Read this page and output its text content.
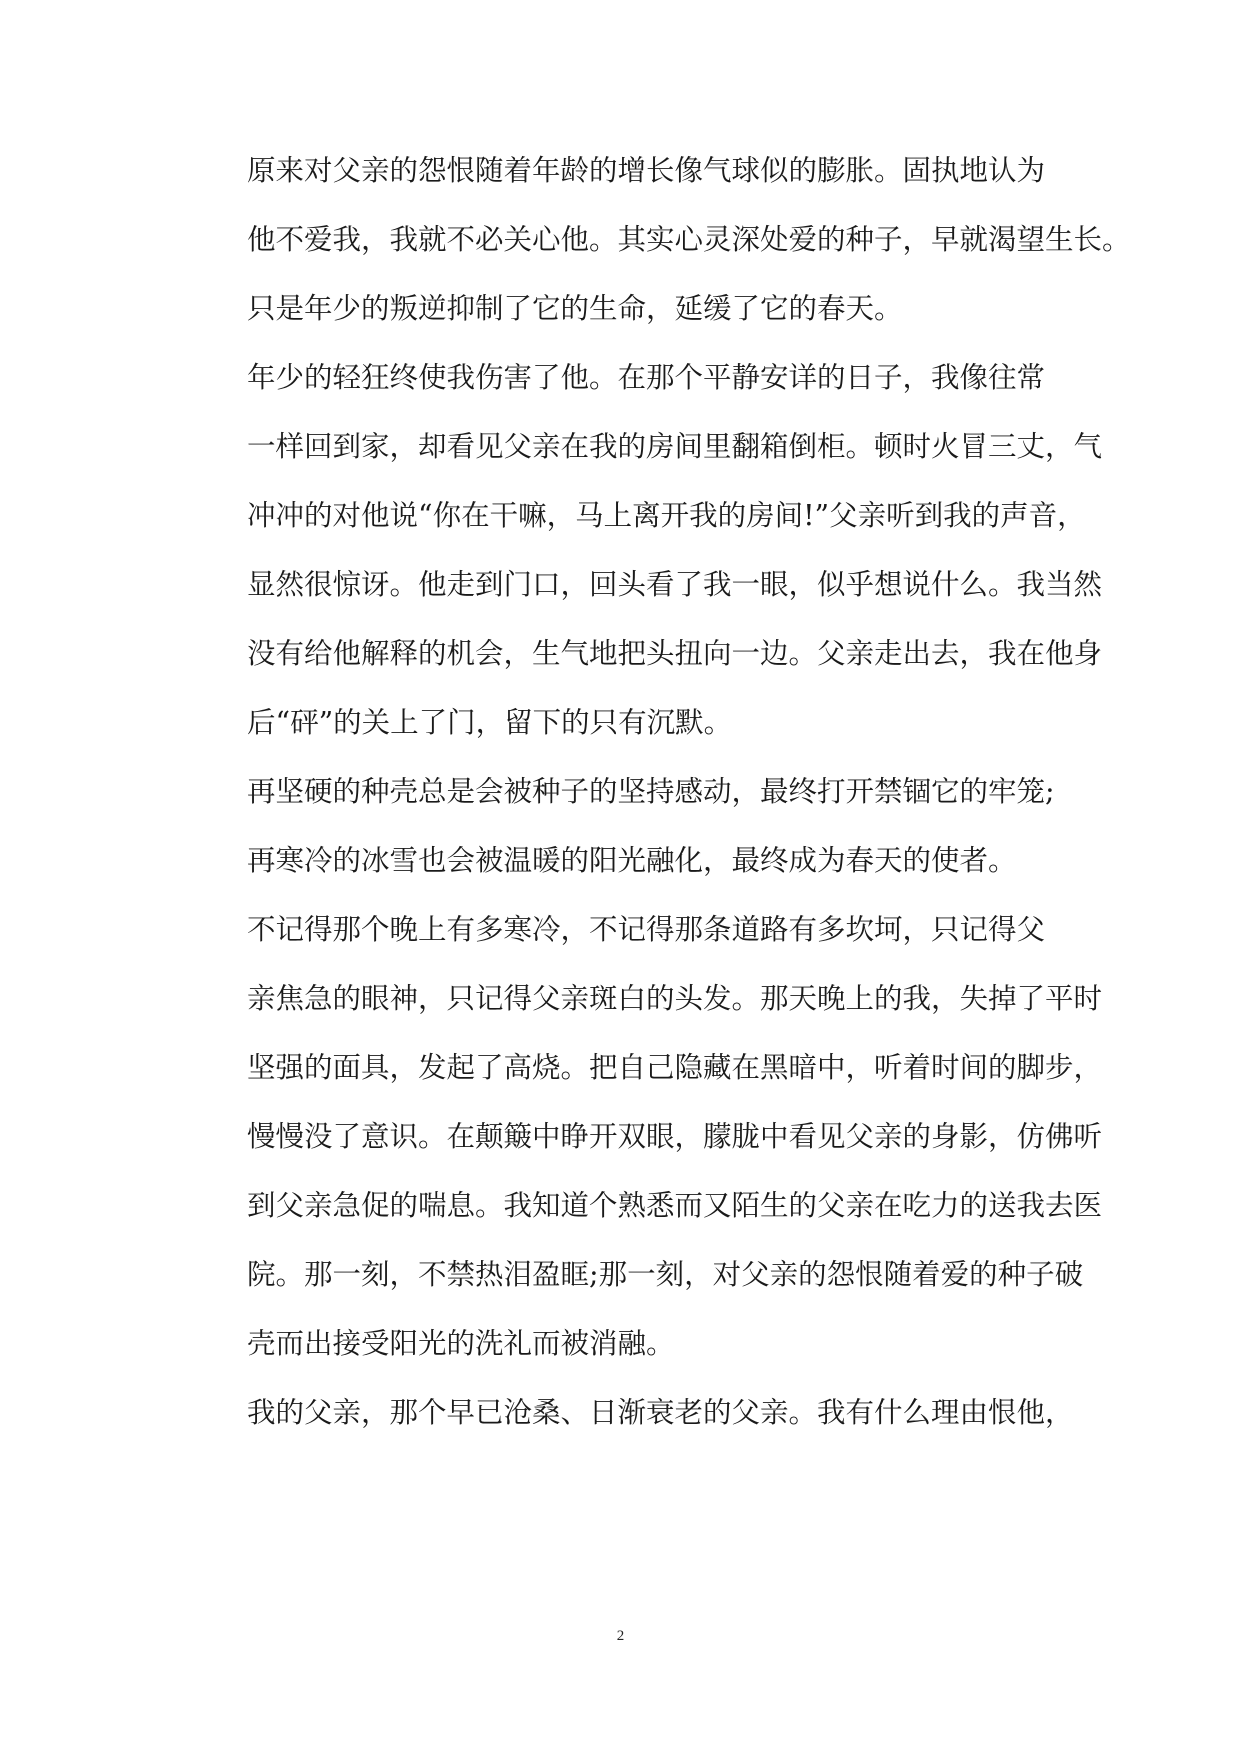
原来对父亲的怨恨随着年龄的增长像气球似的膨胀。固执地认为
他不爱我，我就不必关心他。其实心灵深处爱的种子，早就渴望生长。
只是年少的叛逆抑制了它的生命，延缓了它的春天。

年少的轻狂终使我伤害了他。在那个平静安详的日子，我像往常
一样回到家，却看见父亲在我的房间里翻箱倒柜。顿时火冒三丈，气
冲冲的对他说“你在干嘛，马上离开我的房间!”父亲听到我的声音，
显然很惊讶。他走到门口，回头看了我一眼，似乎想说什么。我当然
没有给他解释的机会，生气地把头扭向一边。父亲走出去，我在他身
后“砰”的关上了门，留下的只有沉默。

再坚硬的种壳总是会被种子的坚持感动，最终打开禁锢它的牢笼;
再寒冷的冰雪也会被温暖的阳光融化，最终成为春天的使者。

不记得那个晚上有多寒冷，不记得那条道路有多坎坷，只记得父
亲焦急的眼神，只记得父亲斑白的头发。那天晚上的我，失掉了平时
坚强的面具，发起了高烧。把自己隐藏在黑暗中，听着时间的脚步，
慢慢没了意识。在颠簸中睁开双眼，朦胧中看见父亲的身影，仿佛听
到父亲急促的喘息。我知道个熟悉而又陌生的父亲在吃力的送我去医
院。那一刻，不禁热泪盈眶;那一刻，对父亲的怨恨随着爱的种子破
壳而出接受阳光的洗礼而被消融。

我的父亲，那个早已沧桑、日渐衰老的父亲。我有什么理由恨他，

2
